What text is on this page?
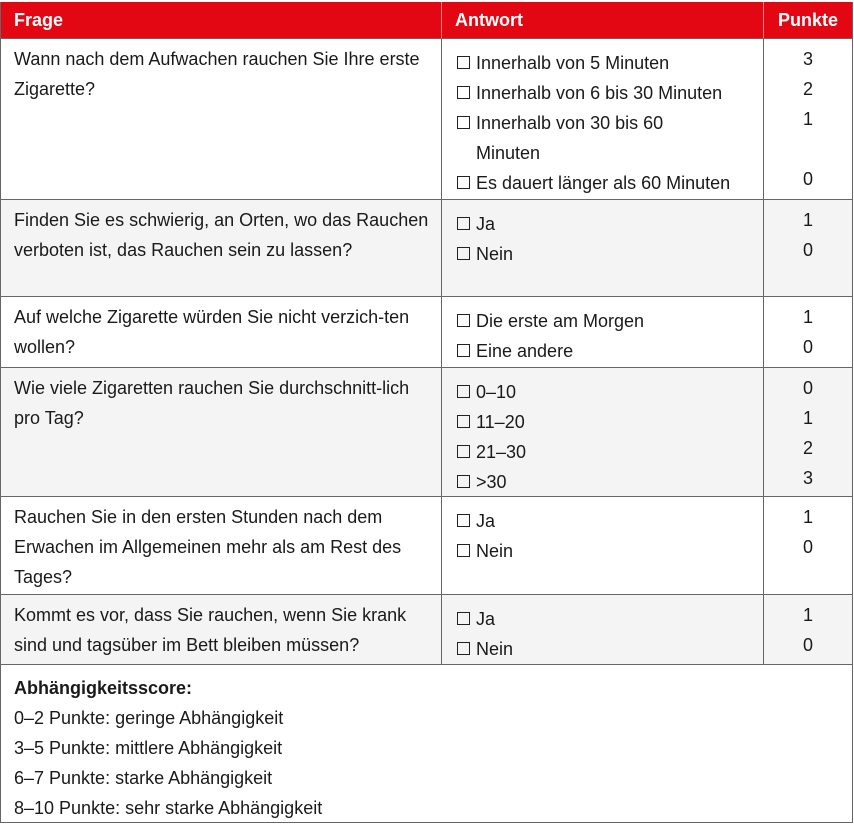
Frage	Antwort	Punkte
Wann nach dem Aufwachen rauchen Sie Ihre erste Zigarette?
Innerhalb von 5 Minuten
Innerhalb von 6 bis 30 Minuten
Innerhalb von 30 bis 60 Minuten
Es dauert länger als 60 Minuten
3
2
1
0
Finden Sie es schwierig, an Orten, wo das Rauchen verboten ist, das Rauchen sein zu lassen?
Ja
Nein
1
0
Auf welche Zigarette würden Sie nicht verzich-ten wollen?
Die erste am Morgen
Eine andere
1
0
Wie viele Zigaretten rauchen Sie durchschnitt-lich pro Tag?
0–10
11–20
21–30
>30
0
1
2
3
Rauchen Sie in den ersten Stunden nach dem Erwachen im Allgemeinen mehr als am Rest des Tages?
Ja
Nein
1
0
Kommt es vor, dass Sie rauchen, wenn Sie krank sind und tagsüber im Bett bleiben müssen?
Ja
Nein
1
0
Abhängigkeitsscore:
0–2 Punkte: geringe Abhängigkeit
3–5 Punkte: mittlere Abhängigkeit
6–7 Punkte: starke Abhängigkeit
8–10 Punkte: sehr starke Abhängigkeit
